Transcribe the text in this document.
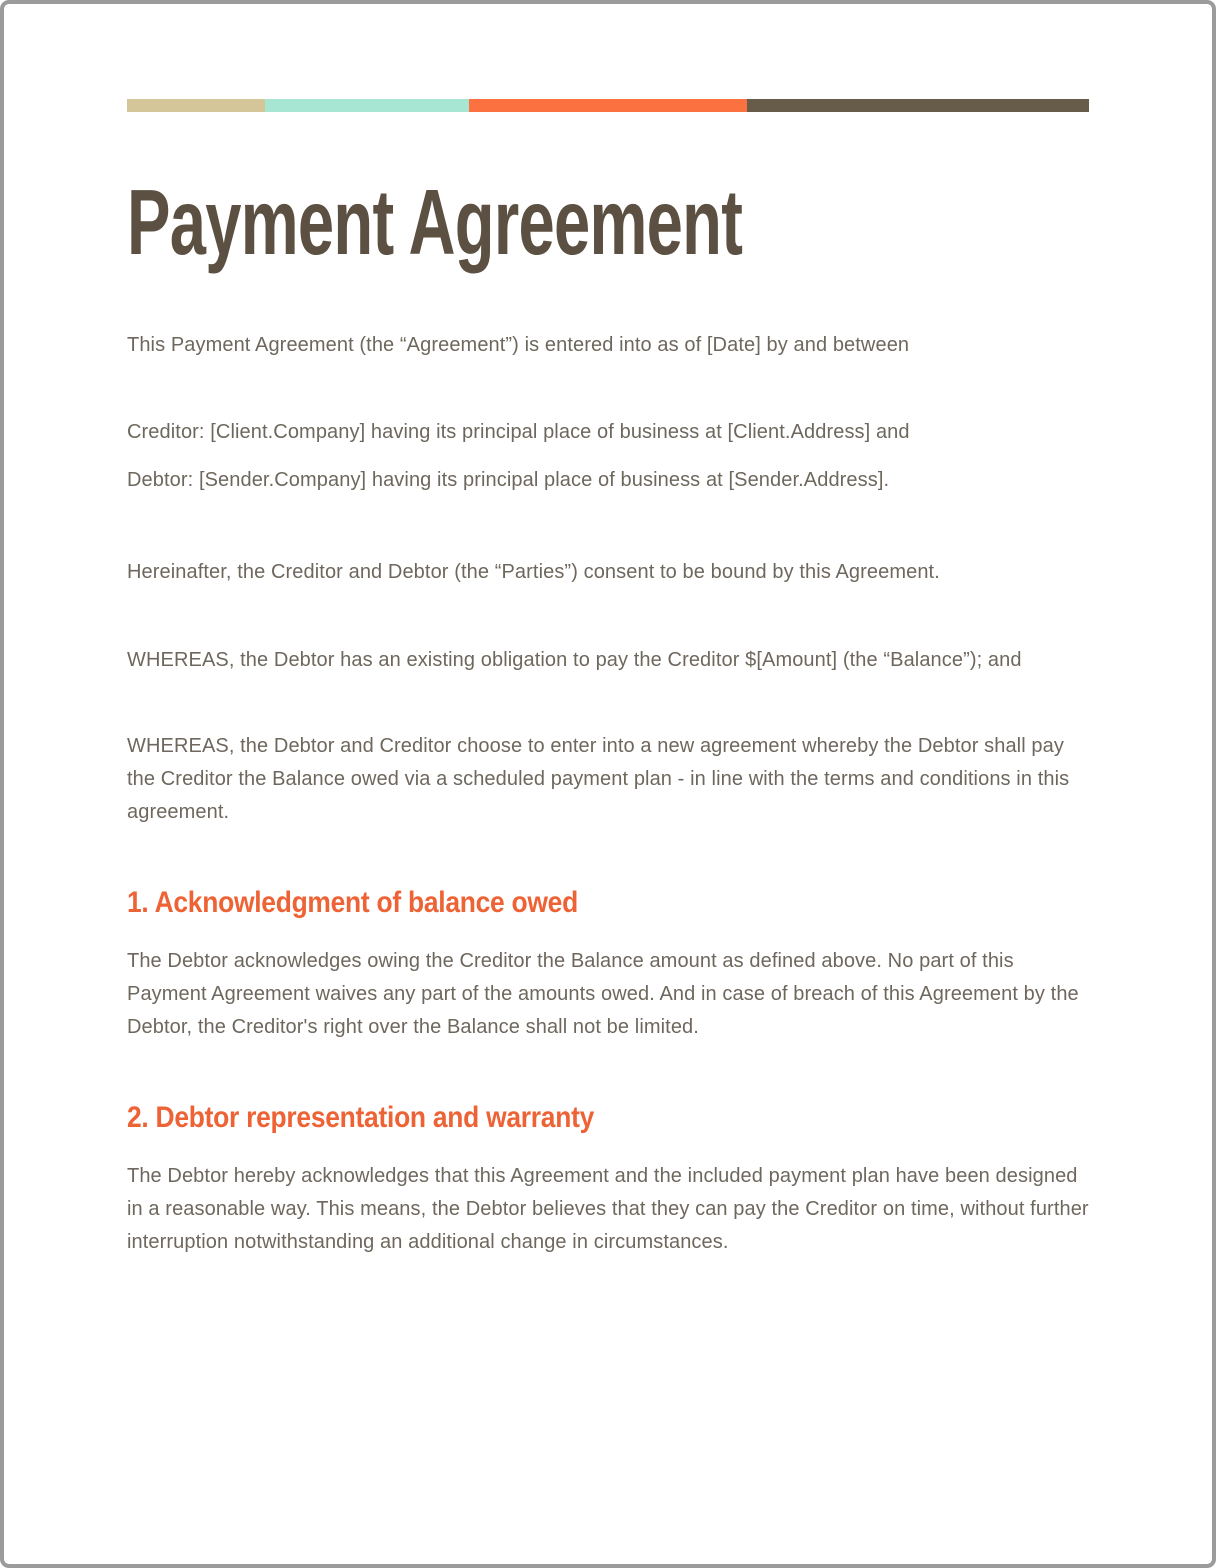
Payment Agreement

This Payment Agreement (the “Agreement”) is entered into as of [Date] by and between

Creditor: [Client.Company] having its principal place of business at [Client.Address] and

Debtor: [Sender.Company] having its principal place of business at [Sender.Address].

Hereinafter, the Creditor and Debtor (the “Parties”) consent to be bound by this Agreement.

WHEREAS, the Debtor has an existing obligation to pay the Creditor $[Amount] (the “Balance”); and

WHEREAS, the Debtor and Creditor choose to enter into a new agreement whereby the Debtor shall pay the Creditor the Balance owed via a scheduled payment plan - in line with the terms and conditions in this agreement.

1. Acknowledgment of balance owed

The Debtor acknowledges owing the Creditor the Balance amount as defined above. No part of this Payment Agreement waives any part of the amounts owed. And in case of breach of this Agreement by the Debtor, the Creditor's right over the Balance shall not be limited.

2. Debtor representation and warranty

The Debtor hereby acknowledges that this Agreement and the included payment plan have been designed in a reasonable way. This means, the Debtor believes that they can pay the Creditor on time, without further interruption notwithstanding an additional change in circumstances.
